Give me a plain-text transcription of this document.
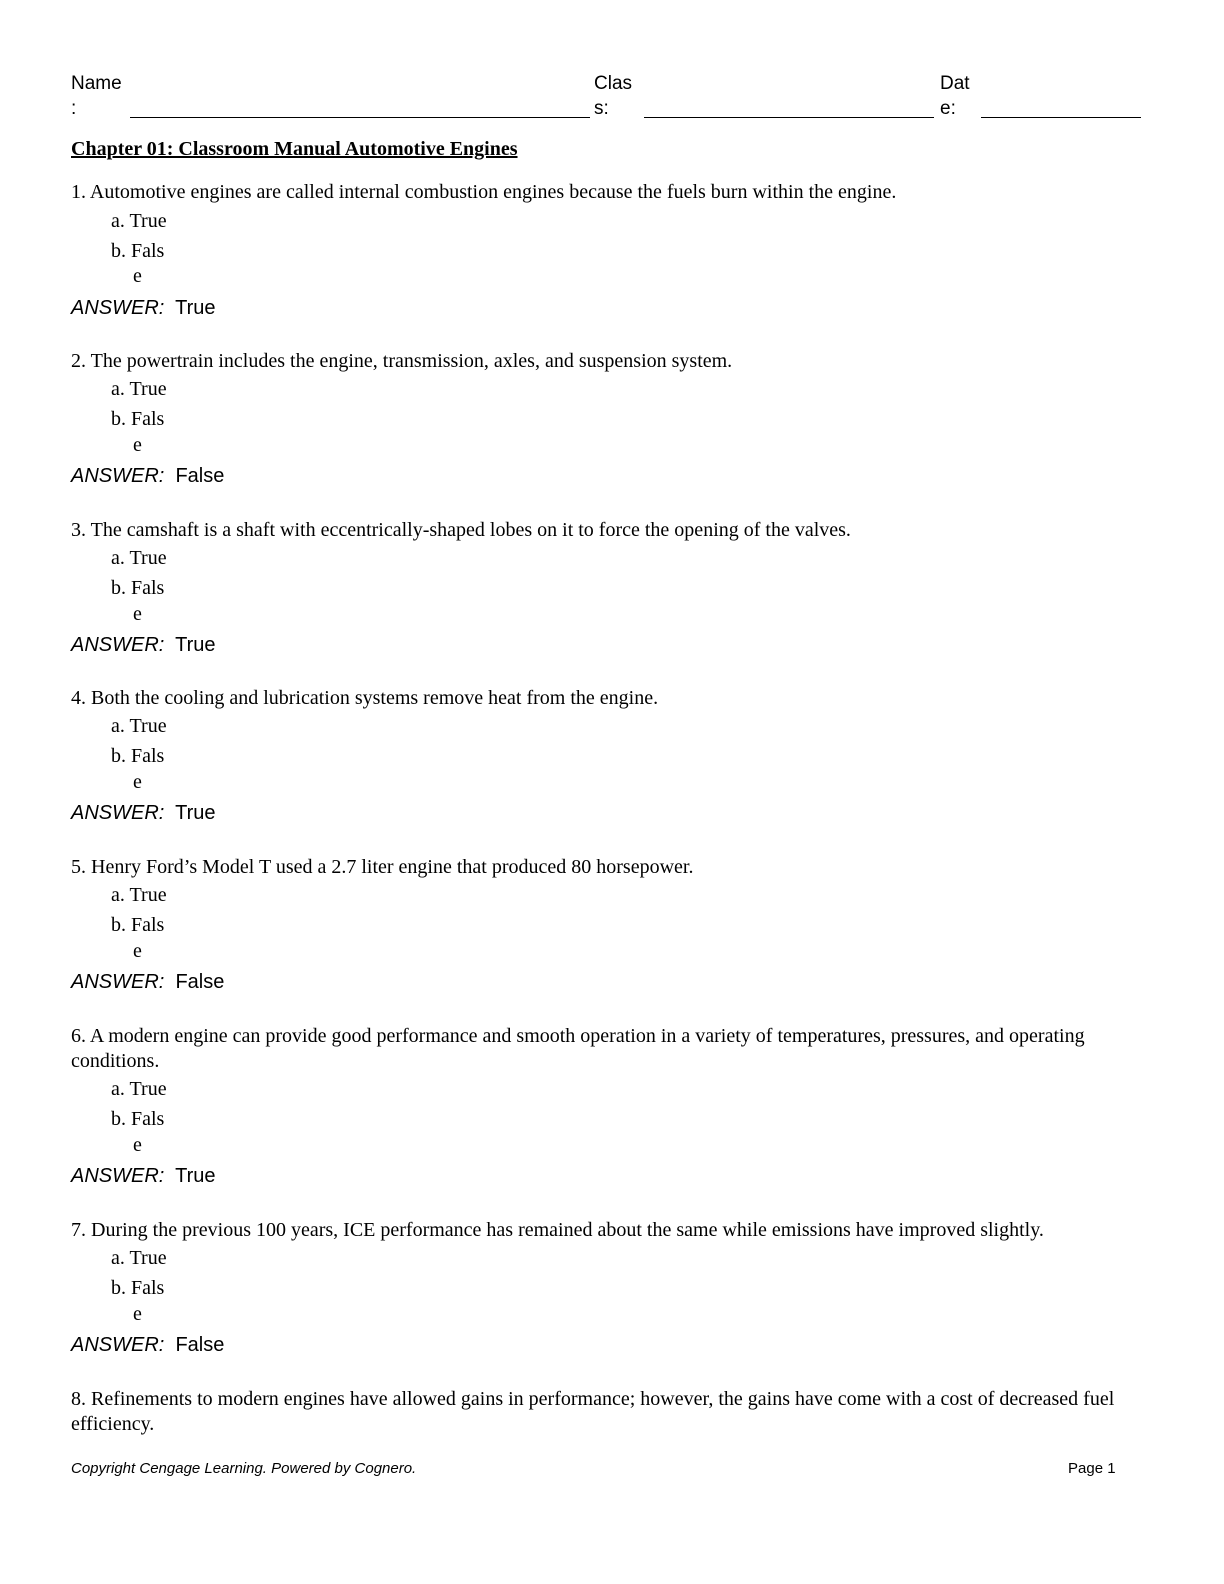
Name
:
Clas
s:
Dat
e:
Chapter 01: Classroom Manual Automotive Engines
1. Automotive engines are called internal combustion engines because the fuels burn within the engine.
a. True
b. Fals
e
ANSWER: True
2. The powertrain includes the engine, transmission, axles, and suspension system.
a. True
b. Fals
e
ANSWER: False
3. The camshaft is a shaft with eccentrically-shaped lobes on it to force the opening of the valves.
a. True
b. Fals
e
ANSWER: True
4. Both the cooling and lubrication systems remove heat from the engine.
a. True
b. Fals
e
ANSWER: True
5. Henry Ford’s Model T used a 2.7 liter engine that produced 80 horsepower.
a. True
b. Fals
e
ANSWER: False
6. A modern engine can provide good performance and smooth operation in a variety of temperatures, pressures, and operating conditions.
a. True
b. Fals
e
ANSWER: True
7. During the previous 100 years, ICE performance has remained about the same while emissions have improved slightly.
a. True
b. Fals
e
ANSWER: False
8. Refinements to modern engines have allowed gains in performance; however, the gains have come with a cost of decreased fuel efficiency.
Copyright Cengage Learning. Powered by Cognero.	Page 1
